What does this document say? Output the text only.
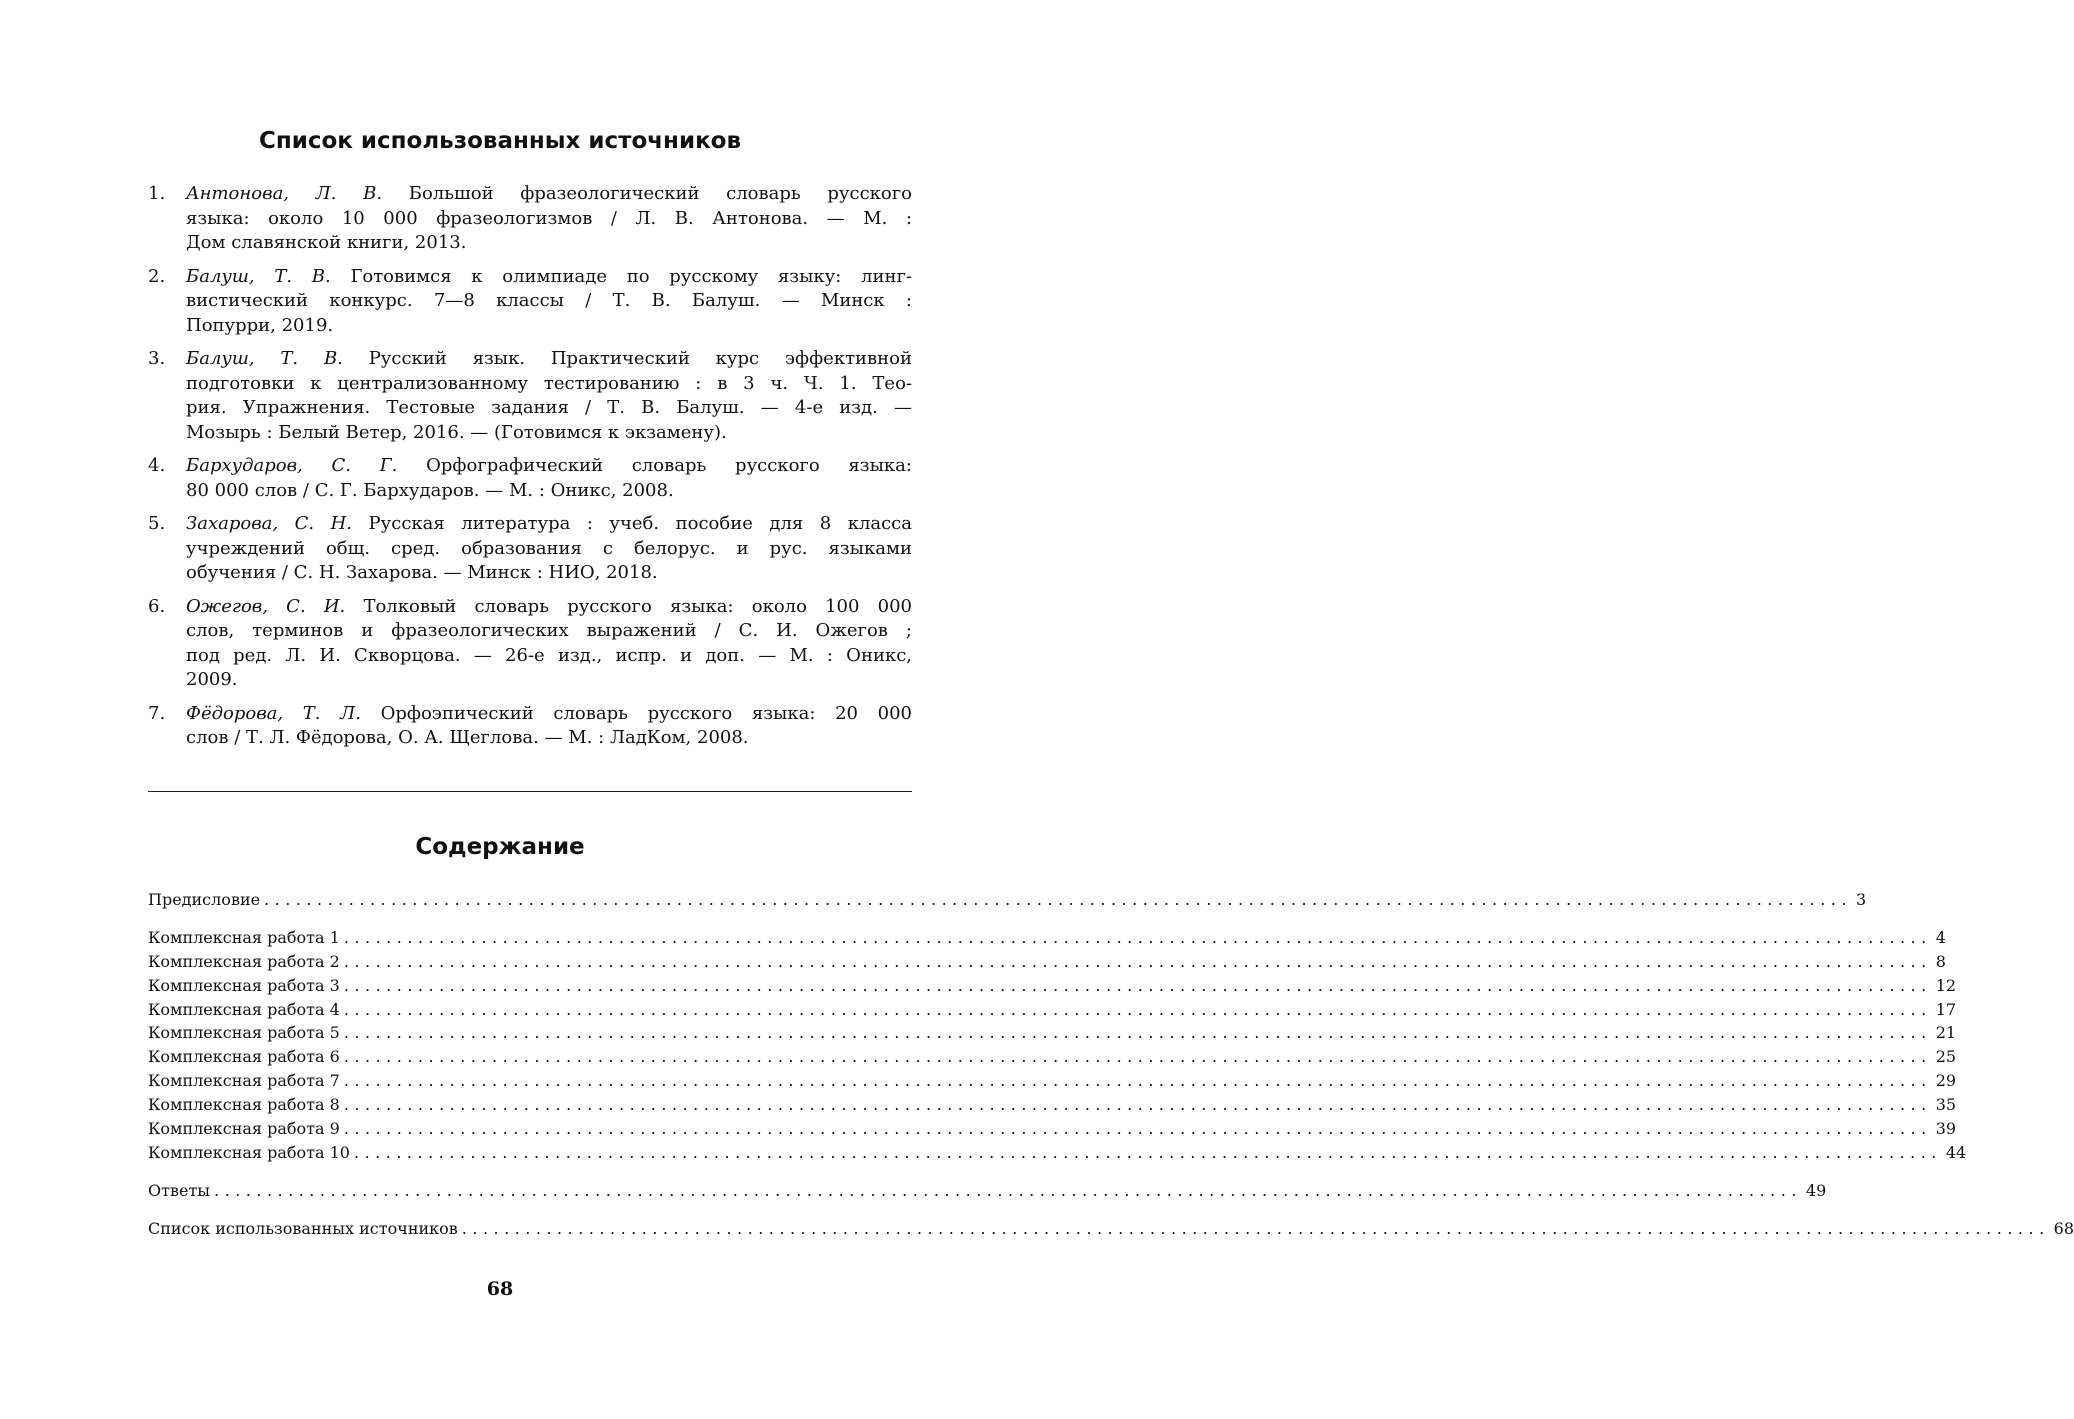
Список использованных источников
1.	Антонова, Л. В. Большой фразеологический словарь русского
языка: около 10 000 фразеологизмов / Л. В. Антонова. — М. :
Дом славянской книги, 2013.
2.	Балуш, Т. В. Готовимся к олимпиаде по русскому языку: линг-
вистический конкурс. 7—8 классы / Т. В. Балуш. — Минск :
Попурри, 2019.
3.	Балуш, Т. В. Русский язык. Практический курс эффективной
подготовки к централизованному тестированию : в 3 ч. Ч. 1. Тео-
рия. Упражнения. Тестовые задания / Т. В. Балуш. — 4-е изд. —
Мозырь : Белый Ветер, 2016. — (Готовимся к экзамену).
4.	Бархударов, С. Г. Орфографический словарь русского языка:
80 000 слов / С. Г. Бархударов. — М. : Оникс, 2008.
5.	Захарова, С. Н. Русская литература : учеб. пособие для 8 класса
учреждений общ. сред. образования с белорус. и рус. языками
обучения / С. Н. Захарова. — Минск : НИО, 2018.
6.	Ожегов, С. И. Толковый словарь русского языка: около 100 000
слов, терминов и фразеологических выражений / С. И. Ожегов ;
под ред. Л. И. Скворцова. — 26-е изд., испр. и доп. — М. : Оникс,
2009.
7.	Фёдорова, Т. Л. Орфоэпический словарь русского языка: 20 000
слов / Т. Л. Фёдорова, О. А. Щеглова. — М. : ЛадКом, 2008.
Содержание
Предисловие ...................................................................................................................................................... 3
Комплексная работа 1 ...................................................................................................................................................... 4
Комплексная работа 2 ...................................................................................................................................................... 8
Комплексная работа 3 ...................................................................................................................................................... 12
Комплексная работа 4 ...................................................................................................................................................... 17
Комплексная работа 5 ...................................................................................................................................................... 21
Комплексная работа 6 ...................................................................................................................................................... 25
Комплексная работа 7 ...................................................................................................................................................... 29
Комплексная работа 8 ...................................................................................................................................................... 35
Комплексная работа 9 ...................................................................................................................................................... 39
Комплексная работа 10 ...................................................................................................................................................... 44
Ответы ...................................................................................................................................................... 49
Список использованных источников ...................................................................................................................................................... 68
68
